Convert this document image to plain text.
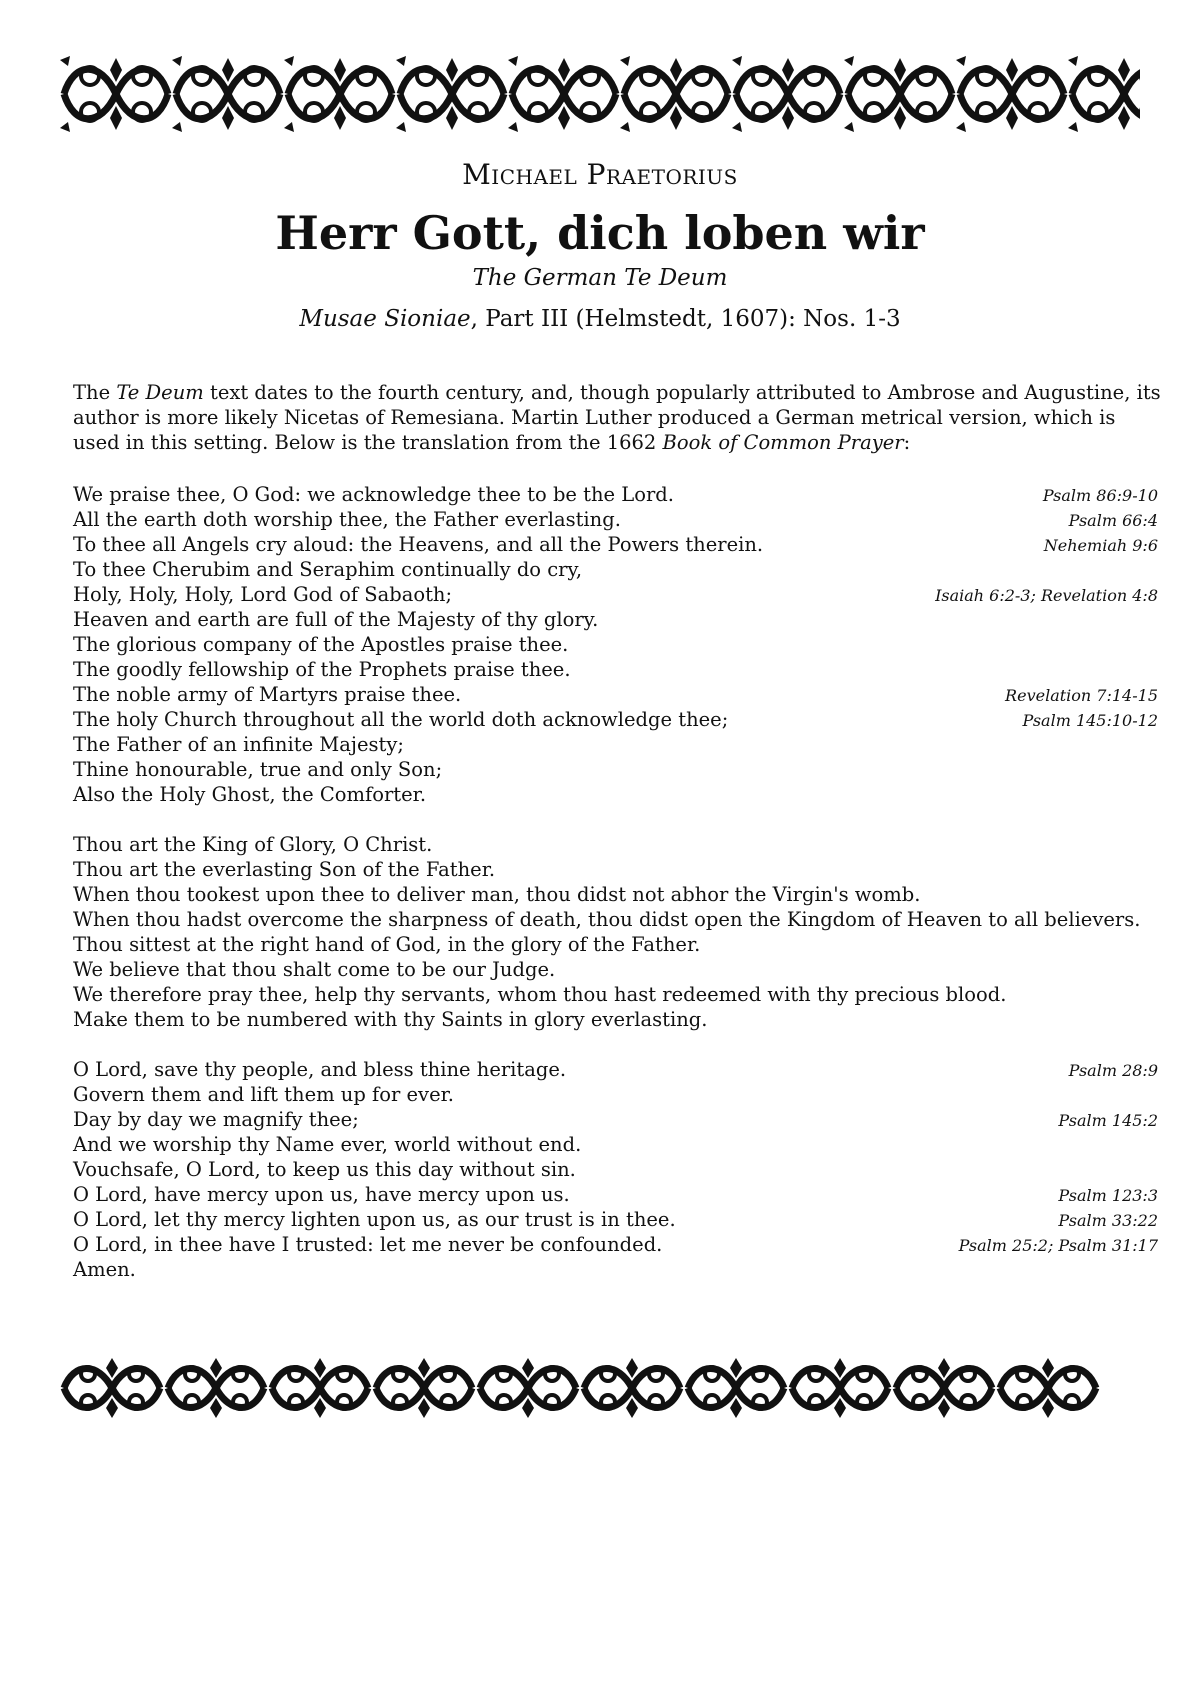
Michael Praetorius
Herr Gott, dich loben wir
The German Te Deum
Musae Sioniae, Part III (Helmstedt, 1607): Nos. 1-3
The Te Deum text dates to the fourth century, and, though popularly attributed to Ambrose and Augustine, its author is more likely Nicetas of Remesiana. Martin Luther produced a German metrical version, which is used in this setting. Below is the translation from the 1662 Book of Common Prayer:
We praise thee, O God: we acknowledge thee to be the Lord.	Psalm 86:9-10
All the earth doth worship thee, the Father everlasting.	Psalm 66:4
To thee all Angels cry aloud: the Heavens, and all the Powers therein.	Nehemiah 9:6
To thee Cherubim and Seraphim continually do cry,
Holy, Holy, Holy, Lord God of Sabaoth;	Isaiah 6:2-3; Revelation 4:8
Heaven and earth are full of the Majesty of thy glory.
The glorious company of the Apostles praise thee.
The goodly fellowship of the Prophets praise thee.
The noble army of Martyrs praise thee.	Revelation 7:14-15
The holy Church throughout all the world doth acknowledge thee;	Psalm 145:10-12
The Father of an infinite Majesty;
Thine honourable, true and only Son;
Also the Holy Ghost, the Comforter.
Thou art the King of Glory, O Christ.
Thou art the everlasting Son of the Father.
When thou tookest upon thee to deliver man, thou didst not abhor the Virgin's womb.
When thou hadst overcome the sharpness of death, thou didst open the Kingdom of Heaven to all believers.
Thou sittest at the right hand of God, in the glory of the Father.
We believe that thou shalt come to be our Judge.
We therefore pray thee, help thy servants, whom thou hast redeemed with thy precious blood.
Make them to be numbered with thy Saints in glory everlasting.
O Lord, save thy people, and bless thine heritage.	Psalm 28:9
Govern them and lift them up for ever.
Day by day we magnify thee;	Psalm 145:2
And we worship thy Name ever, world without end.
Vouchsafe, O Lord, to keep us this day without sin.
O Lord, have mercy upon us, have mercy upon us.	Psalm 123:3
O Lord, let thy mercy lighten upon us, as our trust is in thee.	Psalm 33:22
O Lord, in thee have I trusted: let me never be confounded.	Psalm 25:2; Psalm 31:17
Amen.
